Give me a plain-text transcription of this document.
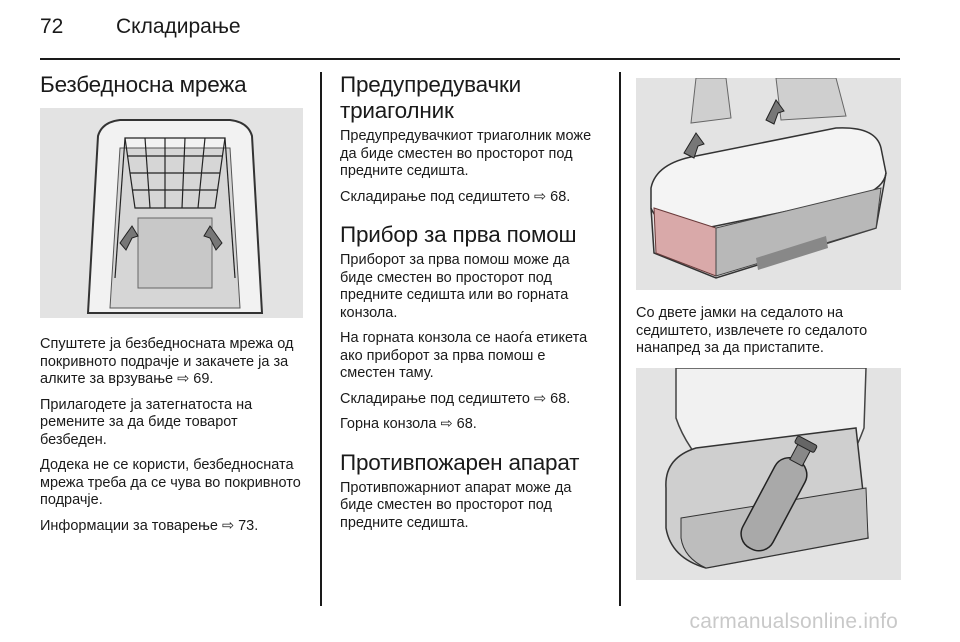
72	Складирање
Безбедносна мрежа

Спуштете ја безбедносната мрежа од покривното подрачје и закачете ја за алките за врзување ⇨ 69.

Прилагодете ја затегнатоста на ремените за да биде товарот безбеден.

Додека не се користи, безбедносната мрежа треба да се чува во покривното подрачје.

Информации за товарење ⇨ 73.

Предупредувачки триаголник

Предупредувачкиот триаголник може да биде сместен во просторот под предните седишта.

Складирање под седиштето ⇨ 68.

Прибор за прва помош

Приборот за прва помош може да биде сместен во просторот под предните седишта или во горната конзола.

На горната конзола се наоѓа етикета ако приборот за прва помош е сместен таму.

Складирање под седиштето ⇨ 68.

Горна конзола ⇨ 68.

Противпожарен апарат

Противпожарниот апарат може да биде сместен во просторот под предните седишта.

Со двете јамки на седалото на седиштето, извлечете го седалото нанапред за да пристапите.

carmanualsonline.info
